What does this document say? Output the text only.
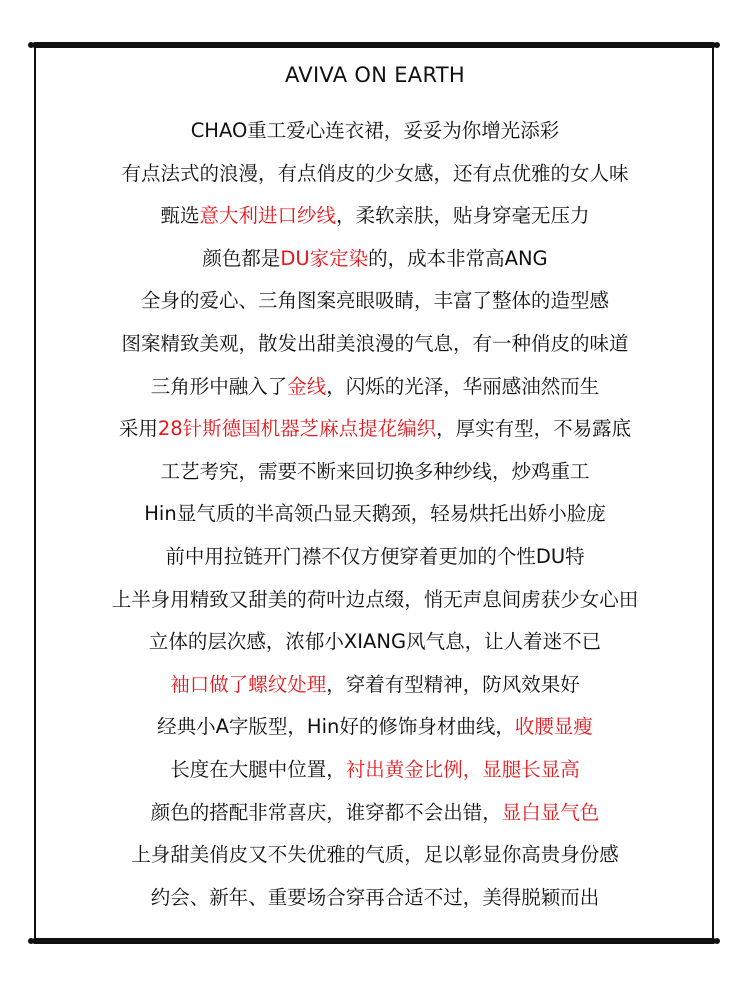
AVIVA ON EARTH
CHAO重工爱心连衣裙，妥妥为你增光添彩
有点法式的浪漫，有点俏皮的少女感，还有点优雅的女人味
甄选意大利进口纱线，柔软亲肤，贴身穿毫无压力
颜色都是DU家定染的，成本非常高ANG
全身的爱心、三角图案亮眼吸睛，丰富了整体的造型感
图案精致美观，散发出甜美浪漫的气息，有一种俏皮的味道
三角形中融入了金线，闪烁的光泽，华丽感油然而生
采用28针斯德国机器芝麻点提花编织，厚实有型，不易露底
工艺考究，需要不断来回切换多种纱线，炒鸡重工
Hin显气质的半高领凸显天鹅颈，轻易烘托出娇小脸庞
前中用拉链开门襟不仅方便穿着更加的个性DU特
上半身用精致又甜美的荷叶边点缀，悄无声息间虏获少女心田
立体的层次感，浓郁小XIANG风气息，让人着迷不已
袖口做了螺纹处理，穿着有型精神，防风效果好
经典小A字版型，Hin好的修饰身材曲线，收腰显瘦
长度在大腿中位置，衬出黄金比例，显腿长显高
颜色的搭配非常喜庆，谁穿都不会出错，显白显气色
上身甜美俏皮又不失优雅的气质，足以彰显你高贵身份感
约会、新年、重要场合穿再合适不过，美得脱颖而出
